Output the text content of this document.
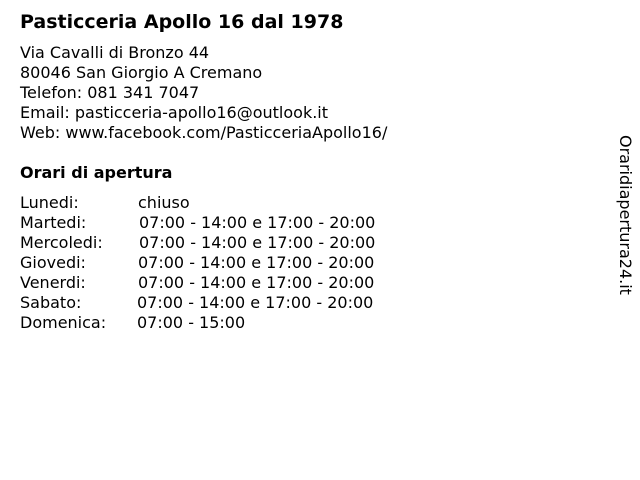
Pasticceria Apollo 16 dal 1978
Via Cavalli di Bronzo 44
80046 San Giorgio A Cremano
Telefon: 081 341 7047
Email: pasticceria-apollo16@outlook.it
Web: www.facebook.com/PasticceriaApollo16/
Orari di apertura
Lunedi:	chiuso
Martedi:	07:00 - 14:00 e 17:00 - 20:00
Mercoledi: 07:00 - 14:00 e 17:00 - 20:00
Giovedi:	07:00 - 14:00 e 17:00 - 20:00
Venerdi:	07:00 - 14:00 e 17:00 - 20:00
Sabato:	07:00 - 14:00 e 17:00 - 20:00
Domenica: 07:00 - 15:00
Oraridiapertura24.it
